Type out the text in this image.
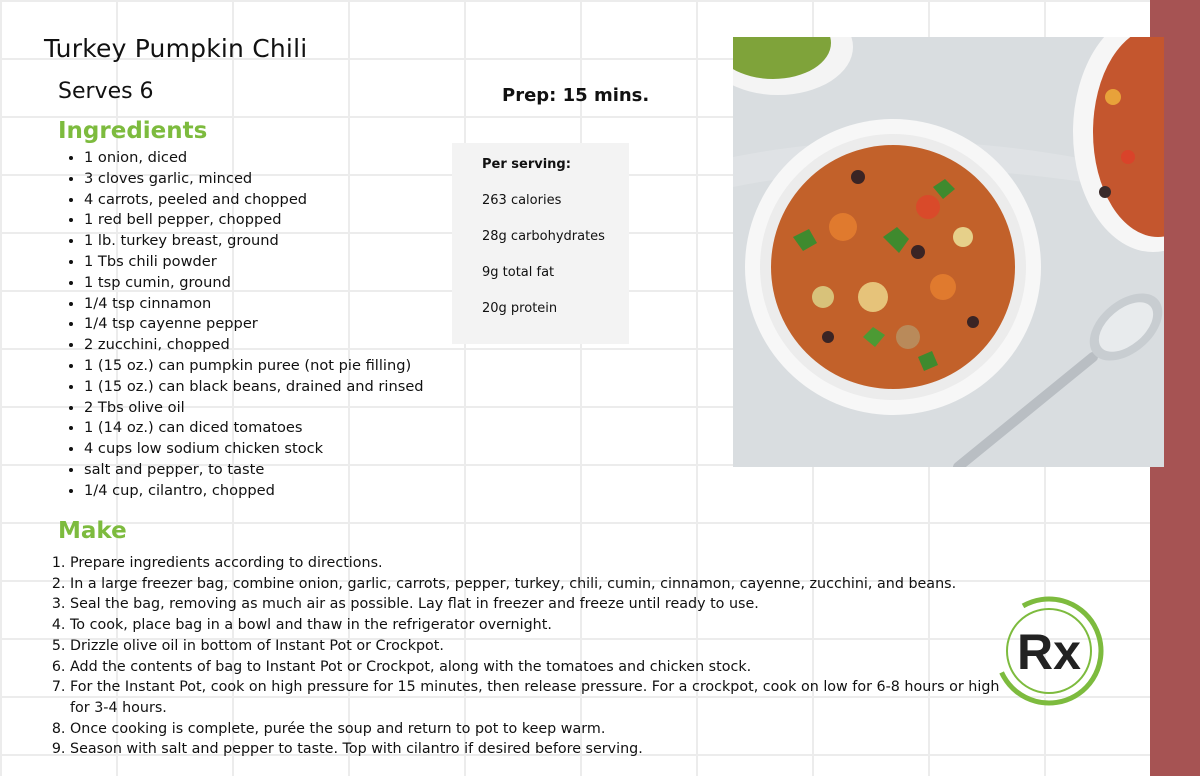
Turkey Pumpkin Chili
Serves 6	Prep: 15 mins.
Ingredients
• 1 onion, diced
• 3 cloves garlic, minced
• 4 carrots, peeled and chopped
• 1 red bell pepper, chopped
• 1 lb. turkey breast, ground
• 1 Tbs chili powder
• 1 tsp cumin, ground
• 1/4 tsp cinnamon
• 1/4 tsp cayenne pepper
• 2 zucchini, chopped
• 1 (15 oz.) can pumpkin puree (not pie filling)
• 1 (15 oz.) can black beans, drained and rinsed
• 2 Tbs olive oil
• 1 (14 oz.) can diced tomatoes
• 4 cups low sodium chicken stock
• salt and pepper, to taste
• 1/4 cup, cilantro, chopped
Per serving:
263 calories
28g carbohydrates
9g total fat
20g protein
Make
1. Prepare ingredients according to directions.
2. In a large freezer bag, combine onion, garlic, carrots, pepper, turkey, chili, cumin, cinnamon, cayenne, zucchini, and beans.
3. Seal the bag, removing as much air as possible. Lay flat in freezer and freeze until ready to use.
4. To cook, place bag in a bowl and thaw in the refrigerator overnight.
5. Drizzle olive oil in bottom of Instant Pot or Crockpot.
6. Add the contents of bag to Instant Pot or Crockpot, along with the tomatoes and chicken stock.
7. For the Instant Pot, cook on high pressure for 15 minutes, then release pressure. For a crockpot, cook on low for 6-8 hours or high for 3-4 hours.
8. Once cooking is complete, purée the soup and return to pot to keep warm.
9. Season with salt and pepper to taste. Top with cilantro if desired before serving.
Rx
